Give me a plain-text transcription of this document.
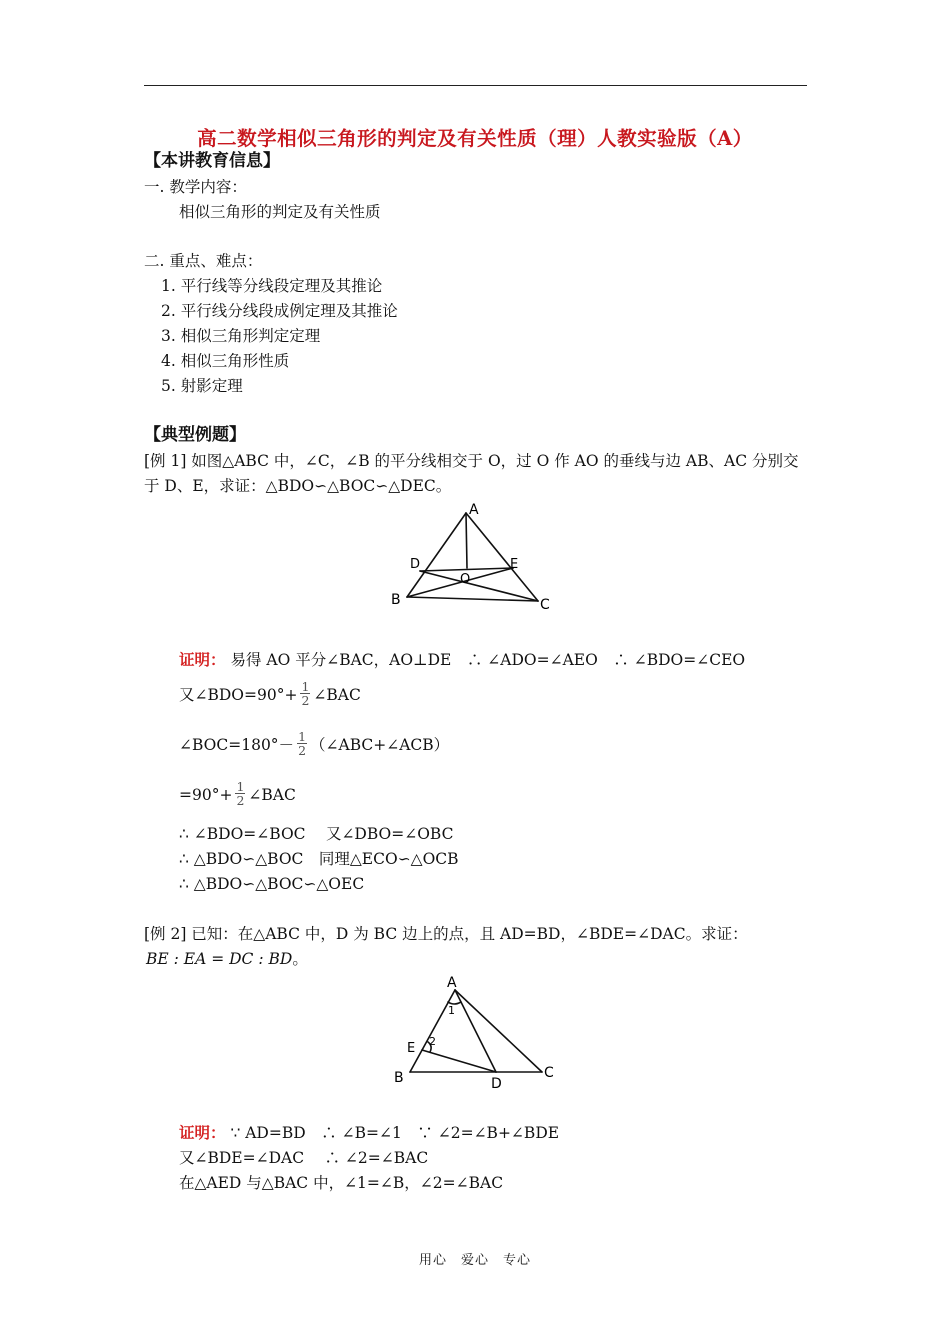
高二数学相似三角形的判定及有关性质（理）人教实验版（A）
【本讲教育信息】
一. 教学内容：
相似三角形的判定及有关性质
二. 重点、难点：
1. 平行线等分线段定理及其推论
2. 平行线分线段成例定理及其推论
3. 相似三角形判定定理
4. 相似三角形性质
5. 射影定理
【典型例题】
[例 1] 如图△ABC 中，∠C，∠B 的平分线相交于 O，过 O 作 AO 的垂线与边 AB、AC 分别交
于 D、E，求证：△BDO∽△BOC∽△DEC。
A
B	C
D	E
O
证明： 易得 AO 平分∠BAC，AO⊥DE　∴ ∠ADO=∠AEO　∴ ∠BDO=∠CEO
又∠BDO=90°+ $\frac{1}{2}$ ∠BAC
∠BOC=180°－ $\frac{1}{2}$ （∠ABC+∠ACB）
$=90^\circ+ \frac{1}{2}$ ∠BAC
∴ ∠BDO=∠BOC　 又∠DBO=∠OBC
∴ △BDO∽△BOC　同理△ECO∽△OCB
∴ △BDO∽△BOC∽△OEC
[例 2] 已知：在△ABC 中，D 为 BC 边上的点，且 AD=BD，∠BDE=∠DAC。求证：
BE : EA = DC : BD。
A
B	C
D
E
1
2
证明： ∵ AD=BD　∴ ∠B=∠1　∵ ∠2=∠B+∠BDE
又∠BDE=∠DAC　 ∴ ∠2=∠BAC
在△AED 与△BAC 中，∠1=∠B，∠2=∠BAC
用心　爱心　专心
